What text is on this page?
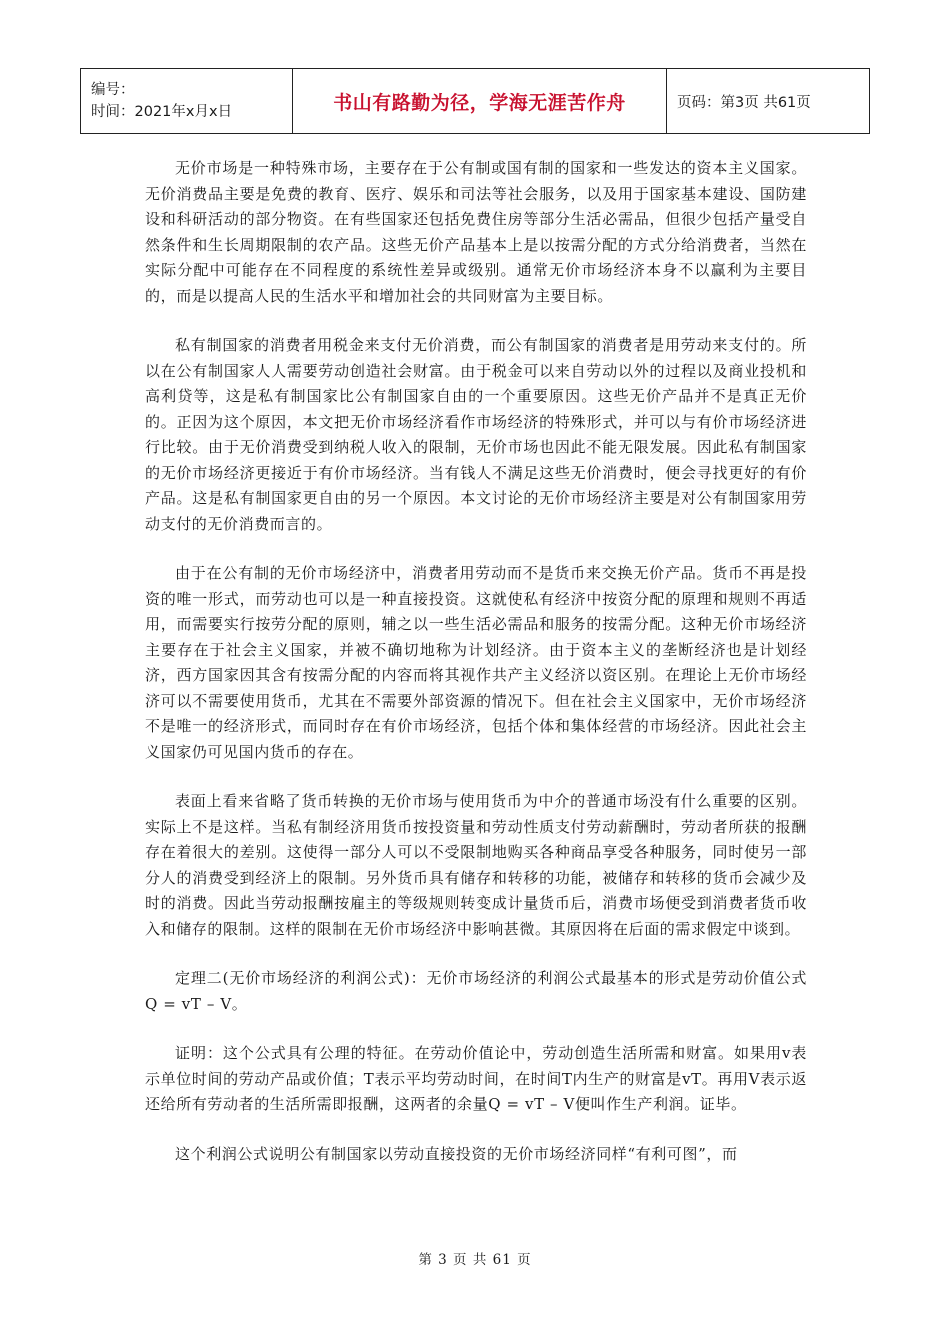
编号：
时间：2021年x月x日	书山有路勤为径，学海无涯苦作舟	页码：第3页 共61页

无价市场是一种特殊市场，主要存在于公有制或国有制的国家和一些发达的资本主义国家。无价消费品主要是免费的教育、医疗、娱乐和司法等社会服务，以及用于国家基本建设、国防建设和科研活动的部分物资。在有些国家还包括免费住房等部分生活必需品，但很少包括产量受自然条件和生长周期限制的农产品。这些无价产品基本上是以按需分配的方式分给消费者，当然在实际分配中可能存在不同程度的系统性差异或级别。通常无价市场经济本身不以赢利为主要目的，而是以提高人民的生活水平和增加社会的共同财富为主要目标。

私有制国家的消费者用税金来支付无价消费，而公有制国家的消费者是用劳动来支付的。所以在公有制国家人人需要劳动创造社会财富。由于税金可以来自劳动以外的过程以及商业投机和高利贷等，这是私有制国家比公有制国家自由的一个重要原因。这些无价产品并不是真正无价的。正因为这个原因，本文把无价市场经济看作市场经济的特殊形式，并可以与有价市场经济进行比较。由于无价消费受到纳税人收入的限制，无价市场也因此不能无限发展。因此私有制国家的无价市场经济更接近于有价市场经济。当有钱人不满足这些无价消费时，便会寻找更好的有价产品。这是私有制国家更自由的另一个原因。本文讨论的无价市场经济主要是对公有制国家用劳动支付的无价消费而言的。

由于在公有制的无价市场经济中，消费者用劳动而不是货币来交换无价产品。货币不再是投资的唯一形式，而劳动也可以是一种直接投资。这就使私有经济中按资分配的原理和规则不再适用，而需要实行按劳分配的原则，辅之以一些生活必需品和服务的按需分配。这种无价市场经济主要存在于社会主义国家，并被不确切地称为计划经济。由于资本主义的垄断经济也是计划经济，西方国家因其含有按需分配的内容而将其视作共产主义经济以资区别。在理论上无价市场经济可以不需要使用货币，尤其在不需要外部资源的情况下。但在社会主义国家中，无价市场经济不是唯一的经济形式，而同时存在有价市场经济，包括个体和集体经营的市场经济。因此社会主义国家仍可见国内货币的存在。

表面上看来省略了货币转换的无价市场与使用货币为中介的普通市场没有什么重要的区别。实际上不是这样。当私有制经济用货币按投资量和劳动性质支付劳动薪酬时，劳动者所获的报酬存在着很大的差别。这使得一部分人可以不受限制地购买各种商品享受各种服务，同时使另一部分人的消费受到经济上的限制。另外货币具有储存和转移的功能，被储存和转移的货币会减少及时的消费。因此当劳动报酬按雇主的等级规则转变成计量货币后，消费市场便受到消费者货币收入和储存的限制。这样的限制在无价市场经济中影响甚微。其原因将在后面的需求假定中谈到。

定理二(无价市场经济的利润公式)：无价市场经济的利润公式最基本的形式是劳动价值公式Q = vT – V。

证明：这个公式具有公理的特征。在劳动价值论中，劳动创造生活所需和财富。如果用v表示单位时间的劳动产品或价值；T表示平均劳动时间，在时间T内生产的财富是vT。再用V表示返还给所有劳动者的生活所需即报酬，这两者的余量Q = vT – V便叫作生产利润。证毕。

这个利润公式说明公有制国家以劳动直接投资的无价市场经济同样“有利可图”，而

第 3 页 共 61 页
